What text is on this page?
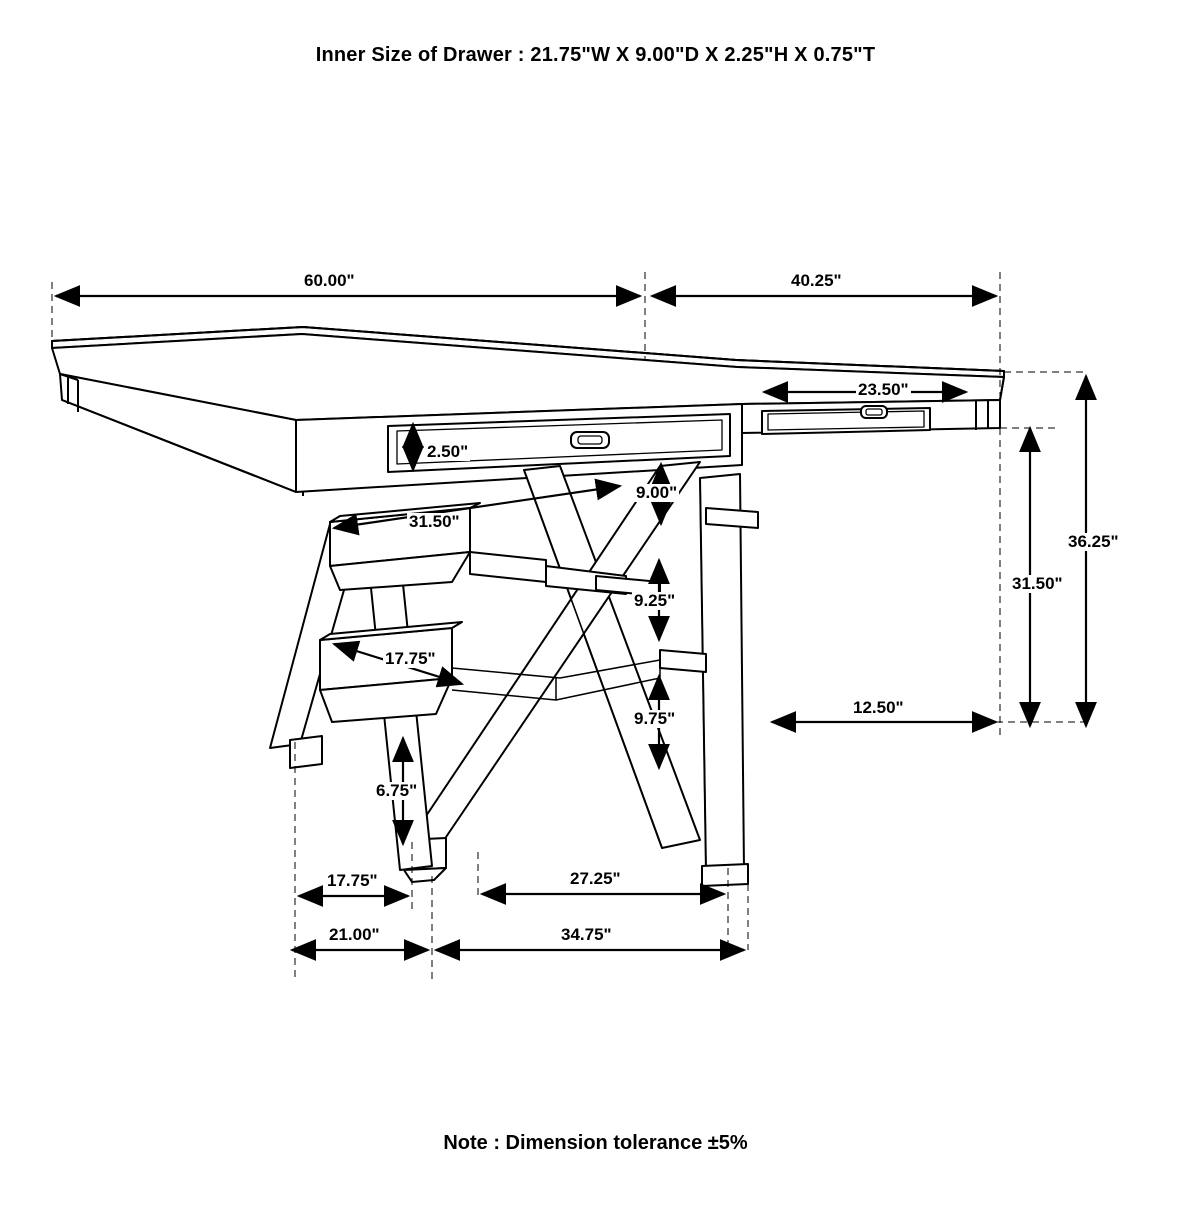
Inner Size of Drawer : 21.75"W X 9.00"D X 2.25"H X 0.75"T
60.00"	40.25"
2.50"
23.50"
9.00"
31.50"
9.25"
17.75"
9.75"
6.75"
17.75"	27.25"
21.00"	34.75"
12.50"
31.50"
36.25"
Note : Dimension tolerance ±5%
